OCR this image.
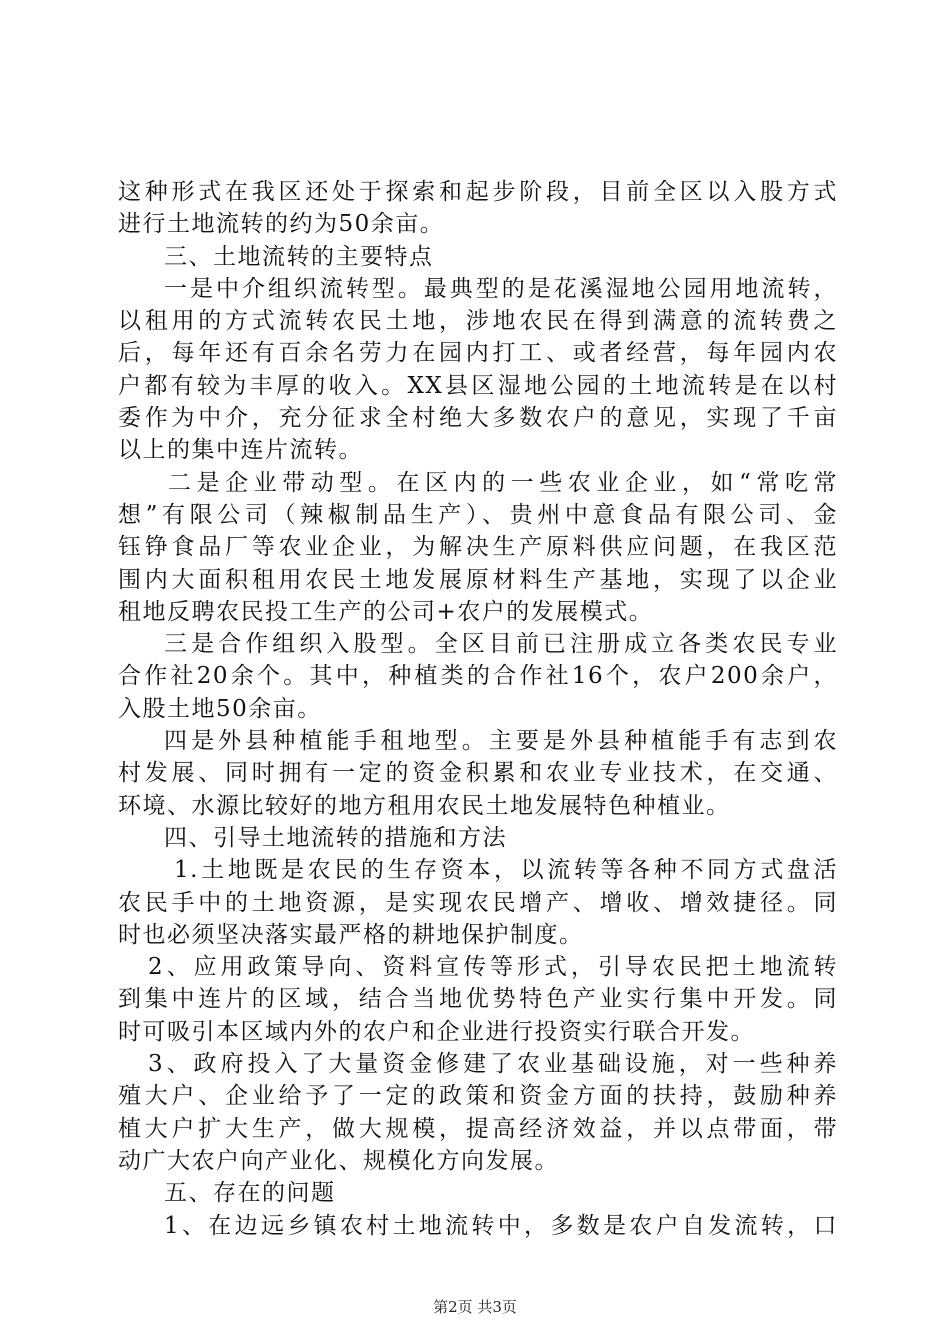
这种形式在我区还处于探索和起步阶段，目前全区以入股方式
进行土地流转的约为50余亩。
三、土地流转的主要特点
一是中介组织流转型。最典型的是花溪湿地公园用地流转，
以租用的方式流转农民土地，涉地农民在得到满意的流转费之
后，每年还有百余名劳力在园内打工、或者经营，每年园内农
户都有较为丰厚的收入。XX县区湿地公园的土地流转是在以村
委作为中介，充分征求全村绝大多数农户的意见，实现了千亩
以上的集中连片流转。
二是企业带动型。在区内的一些农业企业，如“常吃常
想”有限公司（辣椒制品生产）、贵州中意食品有限公司、金
钰铮食品厂等农业企业，为解决生产原料供应问题，在我区范
围内大面积租用农民土地发展原材料生产基地，实现了以企业
租地反聘农民投工生产的公司+农户的发展模式。
三是合作组织入股型。全区目前已注册成立各类农民专业
合作社20余个。其中，种植类的合作社16个，农户200余户，
入股土地50余亩。
四是外县种植能手租地型。主要是外县种植能手有志到农
村发展、同时拥有一定的资金积累和农业专业技术，在交通、
环境、水源比较好的地方租用农民土地发展特色种植业。
四、引导土地流转的措施和方法
1.土地既是农民的生存资本，以流转等各种不同方式盘活
农民手中的土地资源，是实现农民增产、增收、增效捷径。同
时也必须坚决落实最严格的耕地保护制度。
2、应用政策导向、资料宣传等形式，引导农民把土地流转
到集中连片的区域，结合当地优势特色产业实行集中开发。同
时可吸引本区域内外的农户和企业进行投资实行联合开发。
3、政府投入了大量资金修建了农业基础设施，对一些种养
殖大户、企业给予了一定的政策和资金方面的扶持，鼓励种养
植大户扩大生产，做大规模，提高经济效益，并以点带面，带
动广大农户向产业化、规模化方向发展。
五、存在的问题
1、在边远乡镇农村土地流转中，多数是农户自发流转，口
第2页 共3页
